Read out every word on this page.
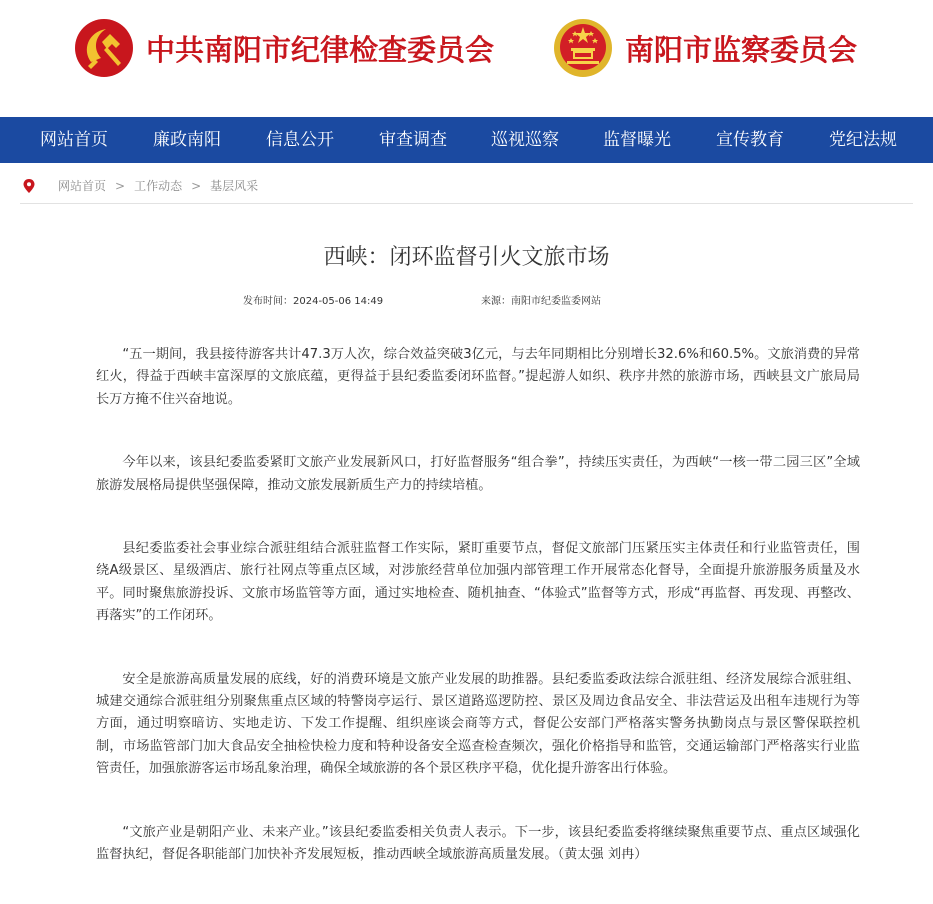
中共南阳市纪律检查委员会	南阳市监察委员会
网站首页	廉政南阳	信息公开	审查调查	巡视巡察	监督曝光	宣传教育	党纪法规
网站首页 > 工作动态 > 基层风采
西峡：闭环监督引火文旅市场
发布时间：2024-05-06 14:49	来源：南阳市纪委监委网站

“五一期间，我县接待游客共计47.3万人次，综合效益突破3亿元，与去年同期相比分别增长32.6%和60.5%。文旅消费的异常红火，得益于西峡丰富深厚的文旅底蕴，更得益于县纪委监委闭环监督。”提起游人如织、秩序井然的旅游市场，西峡县文广旅局局长万方掩不住兴奋地说。

今年以来，该县纪委监委紧盯文旅产业发展新风口，打好监督服务“组合拳”，持续压实责任，为西峡“一核一带二园三区”全域旅游发展格局提供坚强保障，推动文旅发展新质生产力的持续培植。

县纪委监委社会事业综合派驻组结合派驻监督工作实际，紧盯重要节点，督促文旅部门压紧压实主体责任和行业监管责任，围绕A级景区、星级酒店、旅行社网点等重点区域，对涉旅经营单位加强内部管理工作开展常态化督导，全面提升旅游服务质量及水平。同时聚焦旅游投诉、文旅市场监管等方面，通过实地检查、随机抽查、“体验式”监督等方式，形成“再监督、再发现、再整改、再落实”的工作闭环。

安全是旅游高质量发展的底线，好的消费环境是文旅产业发展的助推器。县纪委监委政法综合派驻组、经济发展综合派驻组、城建交通综合派驻组分别聚焦重点区域的特警岗亭运行、景区道路巡逻防控、景区及周边食品安全、非法营运及出租车违规行为等方面，通过明察暗访、实地走访、下发工作提醒、组织座谈会商等方式，督促公安部门严格落实警务执勤岗点与景区警保联控机制，市场监管部门加大食品安全抽检快检力度和特种设备安全巡查检查频次，强化价格指导和监管，交通运输部门严格落实行业监管责任，加强旅游客运市场乱象治理，确保全域旅游的各个景区秩序平稳，优化提升游客出行体验。

“文旅产业是朝阳产业、未来产业。”该县纪委监委相关负责人表示。下一步，该县纪委监委将继续聚焦重要节点、重点区域强化监督执纪，督促各职能部门加快补齐发展短板，推动西峡全域旅游高质量发展。（黄太强 刘冉）
